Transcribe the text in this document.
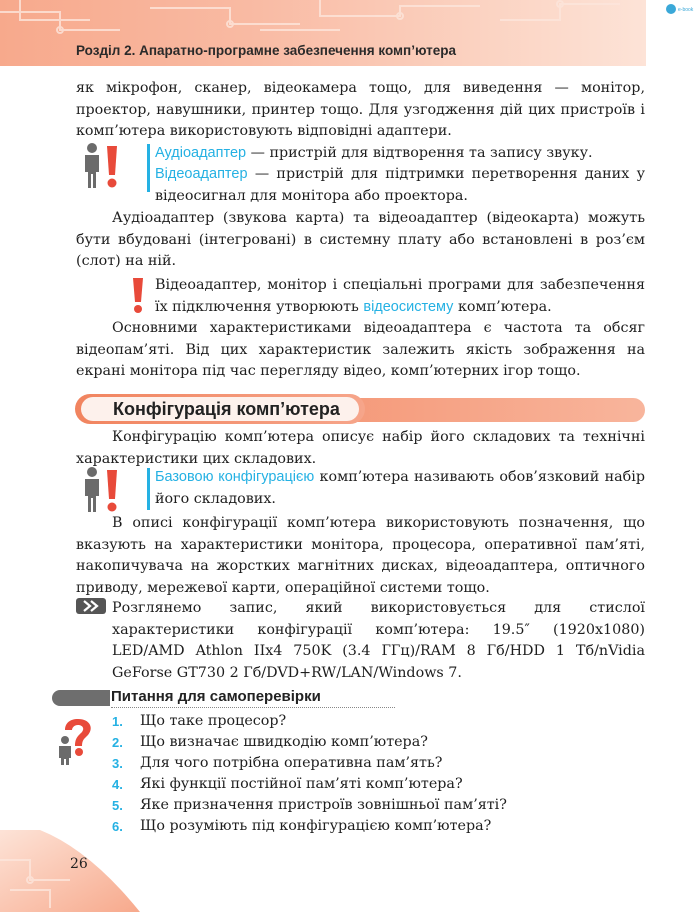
Розділ 2. Апаратно-програмне забезпечення комп’ютера
e-book
як мікрофон, сканер, відеокамера тощо, для виведення — монітор, проектор, навушники, принтер тощо. Для узгодження дій цих пристроїв і комп’ютера використовують відповідні адаптери.
Аудіоадаптер — пристрій для відтворення та запису звуку.
Відеоадаптер — пристрій для підтримки перетворення даних у відеосигнал для монітора або проектора.
Аудіоадаптер (звукова карта) та відеоадаптер (відеокарта) можуть бути вбудовані (інтегровані) в системну плату або встановлені в роз’єм (слот) на ній.
Відеоадаптер, монітор і спеціальні програми для забезпечення їх підключення утворюють відеосистему комп’ютера.
Основними характеристиками відеоадаптера є частота та обсяг відеопам’яті. Від цих характеристик залежить якість зображення на екрані монітора під час перегляду відео, комп’ютерних ігор тощо.
Конфігурація комп’ютера
Конфігурацію комп’ютера описує набір його складових та технічні характеристики цих складових.
Базовою конфігурацією комп’ютера називають обов’язковий набір його складових.
В описі конфігурації комп’ютера використовують позначення, що вказують на характеристики монітора, процесора, оперативної пам’яті, накопичувача на жорстких магнітних дисках, відеоадаптера, оптичного приводу, мережевої карти, операційної системи тощо.
Розглянемо запис, який використовується для стислої характеристики конфігурації комп’ютера: 19.5″ (1920x1080) LED/AMD Athlon IIx4 750K (3.4 ГГц)/RAM 8 Гб/HDD 1 Тб/nVidia GeForse GT730 2 Гб/DVD+RW/LAN/Windows 7.
Питання для самоперевірки
1. Що таке процесор?
2. Що визначає швидкодію комп’ютера?
3. Для чого потрібна оперативна пам’ять?
4. Які функції постійної пам’яті комп’ютера?
5. Яке призначення пристроїв зовнішньої пам’яті?
6. Що розуміють під конфігурацією комп’ютера?
26
